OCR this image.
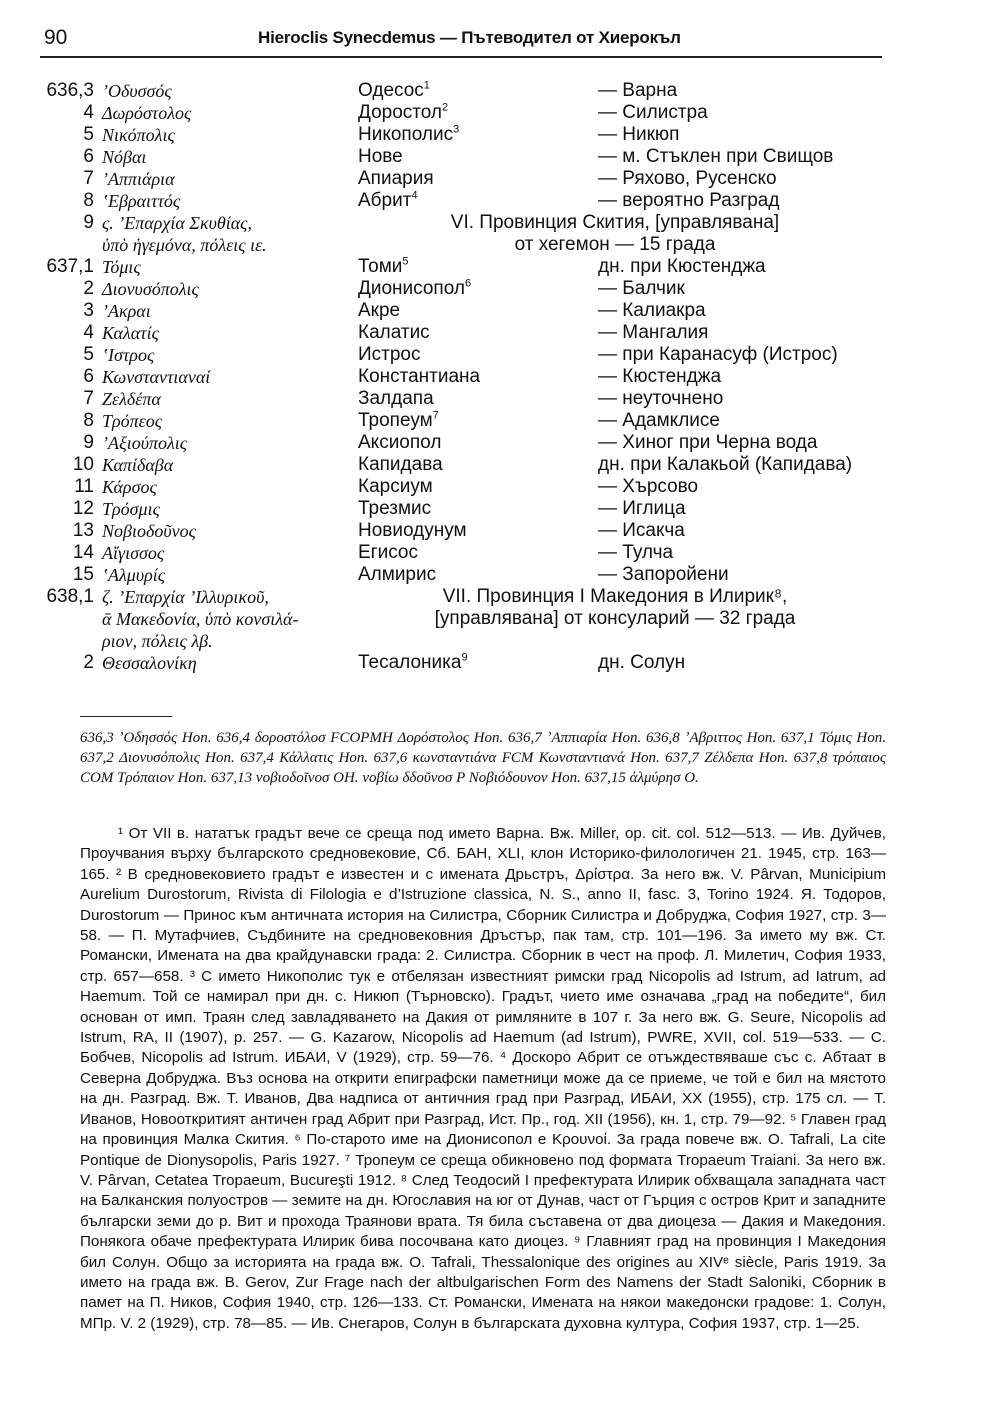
90	Hieroclis Synecdemus — Пътеводител от Хиерокъл
636,3 ʼΟδυσσός	Одесос$^1$	— Варна
4 Δωρόστολος	Доростол$^2$	— Силистра
5 Νικόπολις	Никополис$^3$	— Никюп
6 Νόβαι	Нове	— м. Стъклен при Свищов
7 ʼΑππιάρια	Апиария	— Ряхово, Русенско
8 ʽΕβραιττός	Абрит$^4$	— вероятно Разград
9 ς. ʼΕπαρχία Σκυθίας,	VI. Провинция Скития, [управлявана]
ὑπὸ ἡγεμόνα, πόλεις ιε.	от хегемон — 15 града
637,1 Τόμις	Томи$^5$	дн. при Кюстенджа
2 Διονυσόπολις	Дионисопол$^6$	— Балчик
3 ʼΑκραι	Акре	— Калиакра
4 Καλατίς	Калатис	— Мангалия
5 ʽΙστρος	Истрос	— при Каранасуф (Истрос)
6 Κωνσταντιαναί	Константиана	— Кюстенджа
7 Ζελδέπα	Залдапа	— неуточнено
8 Τρόπεος	Тропеум$^7$	— Адамклисе
9 ʼΑξιούπολις	Аксиопол	— Хиног при Черна вода
10 Καπίδαβα	Капидава	дн. при Калакьой (Капидава)
11 Κάρσος	Карсиум	— Хърсово
12 Τρόσμις	Трезмис	— Иглица
13 Νοβιοδοῦνος	Новиодунум	— Исакча
14 Αἴγισσος	Егисос	— Тулча
15 ʽΑλμυρίς	Алмирис	— Запоройени
638,1 ζ. ʼΕπαρχία ʼΙλλυρικοῦ,	VII. Провинция I Македония в Илирик⁸,
ᾱ Μακεδονία, ὑπὸ κονσιλά-	[управлявана] от консуларий — 32 града
ριον, πόλεις λβ.
2 Θεσσαλονίκη	Тесалоника$^9$	дн. Солун
636,3 ʼΟδησσός Hon. 636,4 δοροστόλοσ FCOPMH Δορόστολος Hon. 636,7 ʼΑππιαρία Hon. 636,8 ʼΑβριττος Hon. 637,1 Τόμις Hon. 637,2 Διονυσόπολις Hon. 637,4 Κάλλατις Hon. 637,6 κωνσταντιάνα FCM Κωνσταντιανά Hon. 637,7 Ζέλδεπα Hon. 637,8 τρόπαιος COM Τρόπαιον Hon. 637,13 νοβιοδοῖνοσ OH. νοβίω δδοῦνοσ P Νοβιόδουνον Hon. 637,15 ἁλμύρησ O.

¹ От VII в. нататък градът вече се среща под името Варна. Вж. Miller, op. cit. col. 512—513. — Ив. Дуйчев, Проучвания върху българското средновековие, Сб. БАН, XLI, клон Историко-филологичен 21. 1945, стр. 163—165. ² В средновековието градът е известен и с имената Дрьстръ, Δρίστρα. За него вж. V. Pârvan, Municipium Aurelium Durostorum, Rivista di Filologia e d’Istruzione classica, N. S., anno II, fasc. 3, Torino 1924. Я. Тодоров, Durostorum — Принос към античната история на Силистра, Сборник Силистра и Добруджа, София 1927, стр. 3—58. — П. Мутафчиев, Съдбините на средновековния Дръстър, пак там, стр. 101—196. За името му вж. Ст. Романски, Имената на два крайдунавски града: 2. Силистра. Сборник в чест на проф. Л. Милетич, София 1933, стр. 657—658. ³ С името Никополис тук е отбелязан известният римски град Nicopolis ad Istrum, ad Iatrum, ad Haemum. Той се намирал при дн. с. Никюп (Търновско). Градът, чието име означава „град на победите“, бил основан от имп. Траян след завладяването на Дакия от римляните в 107 г. За него вж. G. Seure, Nicopolis ad Istrum, RA, II (1907), p. 257. — G. Kazarow, Nicopolis ad Haemum (ad Istrum), PWRE, XVII, col. 519—533. — С. Бобчев, Nicopolis ad Istrum. ИБАИ, V (1929), стр. 59—76. ⁴ Доскоро Абрит се отъждествяваше със с. Абтаат в Северна Добруджа. Въз основа на открити епиграфски паметници може да се приеме, че той е бил на мястото на дн. Разград. Вж. Т. Иванов, Два надписа от античния град при Разград, ИБАИ, XX (1955), стр. 175 сл. — Т. Иванов, Новооткритият античен град Абрит при Разград, Ист. Пр., год. XII (1956), кн. 1, стр. 79—92. ⁵ Главен град на провинция Малка Скития. ⁶ По-старото име на Дионисопол е Κρουνοί. За града повече вж. O. Tafrali, La cite Pontique de Dionysopolis, Paris 1927. ⁷ Тропеум се среща обикновено под формата Tropaeum Traiani. За него вж. V. Pârvan, Cetatea Tropaeum, Bucureşti 1912. ⁸ След Теодосий I префектурата Илирик обхващала западната част на Балканския полуостров — земите на дн. Югославия на юг от Дунав, част от Гърция с остров Крит и западните български земи до р. Вит и прохода Траянови врата. Тя била съставена от два диоцеза — Дакия и Македония. Понякога обаче префектурата Илирик бива посочвана като диоцез. ⁹ Главният град на провинция I Македония бил Солун. Общо за историята на града вж. O. Tafrali, Thessalonique des origines au XIVᵉ siècle, Paris 1919. За името на града вж. B. Gerov, Zur Frage nach der altbulgarischen Form des Namens der Stadt Saloniki, Сборник в памет на П. Ников, София 1940, стр. 126—133. Ст. Романски, Имената на някои македонски градове: 1. Солун, МПр. V. 2 (1929), стр. 78—85. — Ив. Снегаров, Солун в българската духовна култура, София 1937, стр. 1—25.
